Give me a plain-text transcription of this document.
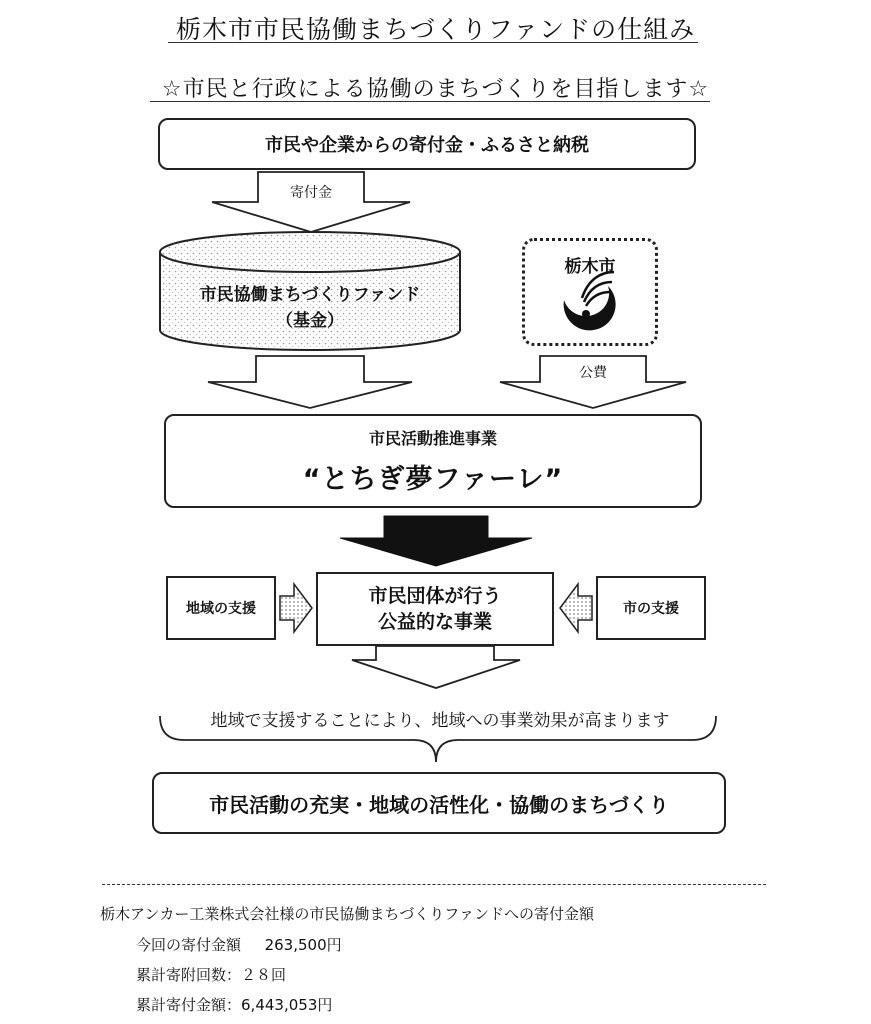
栃木市市民協働まちづくりファンドの仕組み
☆市民と行政による協働のまちづくりを目指します☆
市民や企業からの寄付金・ふるさと納税
寄付金
市民協働まちづくりファンド
（基金）
栃木市
公費
市民活動推進事業
“とちぎ夢ファーレ”
地域の支援	市の支援
市民団体が行う
公益的な事業
地域で支援することにより、地域への事業効果が高まります
市民活動の充実・地域の活性化・協働のまちづくり
栃木アンカー工業株式会社様の市民協働まちづくりファンドへの寄付金額
今回の寄付金額 263,500円
累計寄附回数：２８回
累計寄付金額：6,443,053円
